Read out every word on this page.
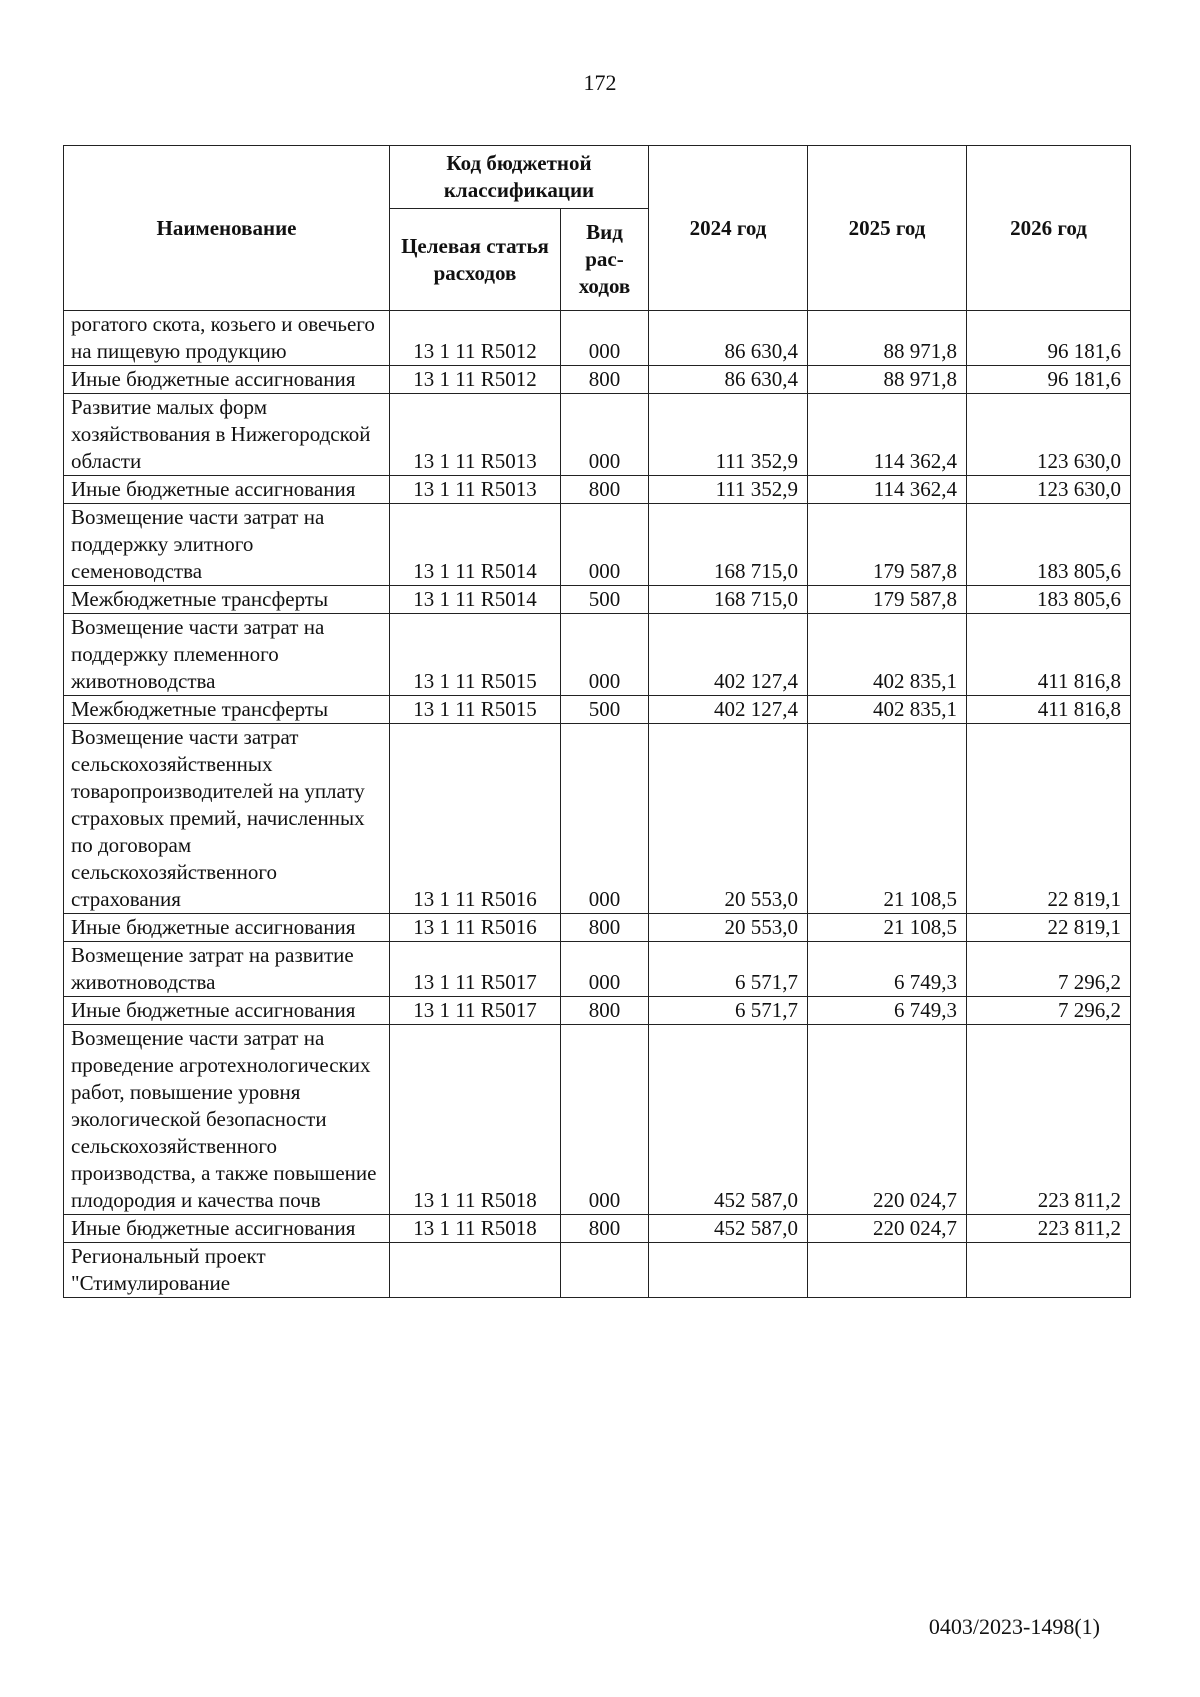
172
Наименование	Код бюджетной классификации		2024 год	2025 год	2026 год
	Целевая статья расходов	Вид рас-ходов			
рогатого скота, козьего и овечьего на пищевую продукцию	13 1 11 R5012	000	86 630,4	88 971,8	96 181,6
Иные бюджетные ассигнования	13 1 11 R5012	800	86 630,4	88 971,8	96 181,6
Развитие малых форм хозяйствования в Нижегородской области	13 1 11 R5013	000	111 352,9	114 362,4	123 630,0
Иные бюджетные ассигнования	13 1 11 R5013	800	111 352,9	114 362,4	123 630,0
Возмещение части затрат на поддержку элитного семеноводства	13 1 11 R5014	000	168 715,0	179 587,8	183 805,6
Межбюджетные трансферты	13 1 11 R5014	500	168 715,0	179 587,8	183 805,6
Возмещение части затрат на поддержку племенного животноводства	13 1 11 R5015	000	402 127,4	402 835,1	411 816,8
Межбюджетные трансферты	13 1 11 R5015	500	402 127,4	402 835,1	411 816,8
Возмещение части затрат сельскохозяйственных товаропроизводителей на уплату страховых премий, начисленных по договорам сельскохозяйственного страхования	13 1 11 R5016	000	20 553,0	21 108,5	22 819,1
Иные бюджетные ассигнования	13 1 11 R5016	800	20 553,0	21 108,5	22 819,1
Возмещение затрат на развитие животноводства	13 1 11 R5017	000	6 571,7	6 749,3	7 296,2
Иные бюджетные ассигнования	13 1 11 R5017	800	6 571,7	6 749,3	7 296,2
Возмещение части затрат на проведение агротехнологических работ, повышение уровня экологической безопасности сельскохозяйственного производства, а также повышение плодородия и качества почв	13 1 11 R5018	000	452 587,0	220 024,7	223 811,2
Иные бюджетные ассигнования	13 1 11 R5018	800	452 587,0	220 024,7	223 811,2
Региональный проект "Стимулирование					
0403/2023-1498(1)
